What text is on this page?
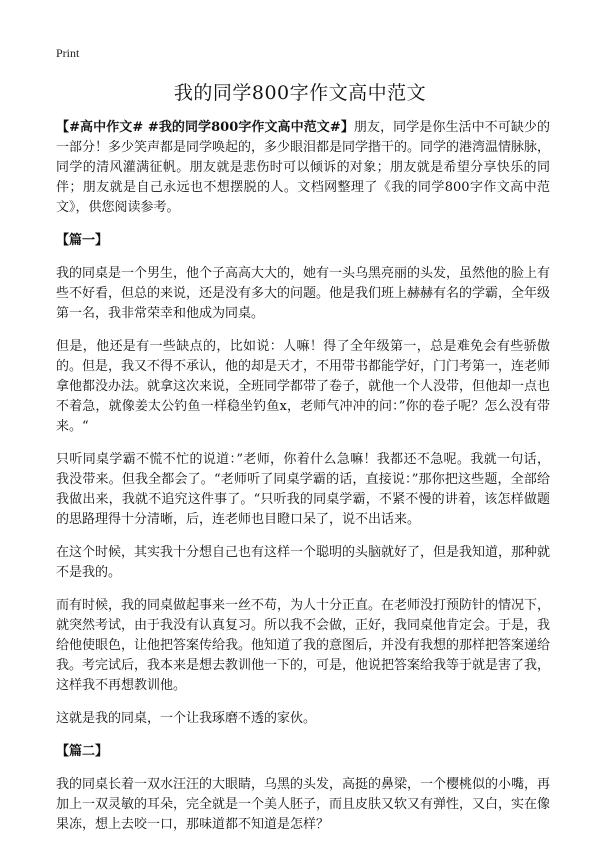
Print
我的同学800字作文高中范文

【#高中作文# #我的同学800字作文高中范文#】朋友，同学是你生活中不可缺少的一部分！多少笑声都是同学唤起的，多少眼泪都是同学揩干的。同学的港湾温情脉脉，同学的清风灌满征帆。朋友就是悲伤时可以倾诉的对象；朋友就是希望分享快乐的同伴；朋友就是自己永远也不想摆脱的人。文档网整理了《我的同学800字作文高中范文》，供您阅读参考。

【篇一】

我的同桌是一个男生，他个子高高大大的，她有一头乌黑亮丽的头发，虽然他的脸上有些不好看，但总的来说，还是没有多大的问题。他是我们班上赫赫有名的学霸，全年级第一名，我非常荣幸和他成为同桌。

但是，他还是有一些缺点的，比如说：人嘛！得了全年级第一，总是难免会有些骄傲的。但是，我又不得不承认，他的却是天才，不用带书都能学好，门门考第一，连老师拿他都没办法。就拿这次来说，全班同学都带了卷子，就他一个人没带，但他却一点也不着急，就像姜太公钓鱼一样稳坐钓鱼x，老师气冲冲的问：”你的卷子呢？怎么没有带来。“

只听同桌学霸不慌不忙的说道：”老师，你着什么急嘛！我都还不急呢。我就一句话，我没带来。但我全都会了。“老师听了同桌学霸的话，直接说：”那你把这些题，全部给我做出来，我就不追究这件事了。“只听我的同桌学霸，不紧不慢的讲着，该怎样做题的思路理得十分清晰，后，连老师也目瞪口呆了，说不出话来。

在这个时候，其实我十分想自己也有这样一个聪明的头脑就好了，但是我知道，那种就不是我的。

而有时候，我的同桌做起事来一丝不苟，为人十分正直。在老师没打预防针的情况下，就突然考试，由于我没有认真复习。所以我不会做，正好，我同桌他肯定会。于是，我给他使眼色，让他把答案传给我。他知道了我的意图后，并没有我想的那样把答案递给我。考完试后，我本来是想去教训他一下的，可是，他说把答案给我等于就是害了我，这样我不再想教训他。

这就是我的同桌，一个让我琢磨不透的家伙。

【篇二】

我的同桌长着一双水汪汪的大眼睛，乌黑的头发，高挺的鼻梁，一个樱桃似的小嘴，再加上一双灵敏的耳朵，完全就是一个美人胚子，而且皮肤又软又有弹性，又白，实在像果冻，想上去咬一口，那味道都不知道是怎样？
